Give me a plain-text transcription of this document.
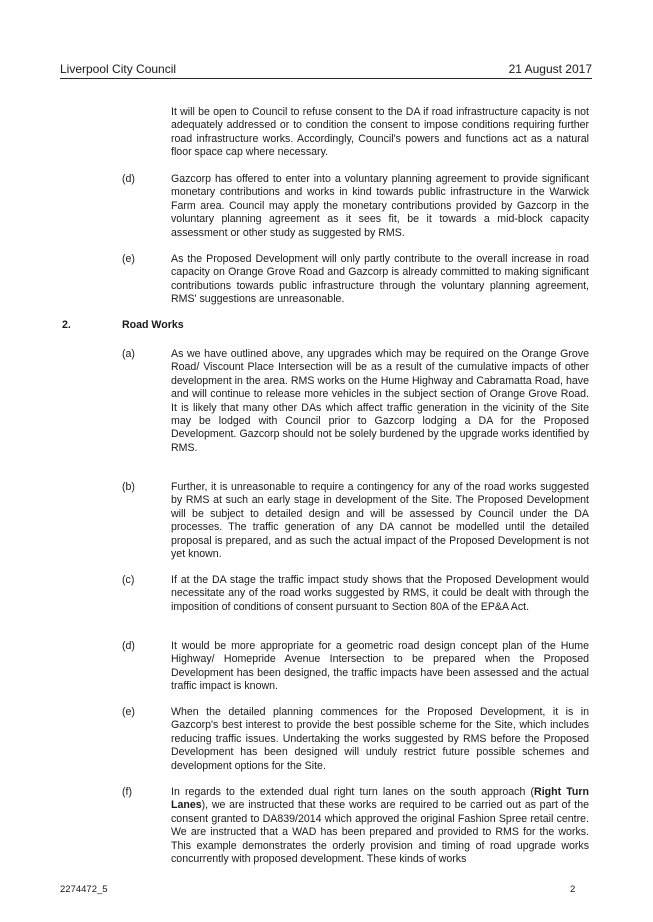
Liverpool City Council	21 August 2017
It will be open to Council to refuse consent to the DA if road infrastructure capacity is not adequately addressed or to condition the consent to impose conditions requiring further road infrastructure works. Accordingly, Council's powers and functions act as a natural floor space cap where necessary.
(d)	Gazcorp has offered to enter into a voluntary planning agreement to provide significant monetary contributions and works in kind towards public infrastructure in the Warwick Farm area. Council may apply the monetary contributions provided by Gazcorp in the voluntary planning agreement as it sees fit, be it towards a mid-block capacity assessment or other study as suggested by RMS.
(e)	As the Proposed Development will only partly contribute to the overall increase in road capacity on Orange Grove Road and Gazcorp is already committed to making significant contributions towards public infrastructure through the voluntary planning agreement, RMS' suggestions are unreasonable.
2.	Road Works
(a)	As we have outlined above, any upgrades which may be required on the Orange Grove Road/ Viscount Place Intersection will be as a result of the cumulative impacts of other development in the area. RMS works on the Hume Highway and Cabramatta Road, have and will continue to release more vehicles in the subject section of Orange Grove Road. It is likely that many other DAs which affect traffic generation in the vicinity of the Site may be lodged with Council prior to Gazcorp lodging a DA for the Proposed Development. Gazcorp should not be solely burdened by the upgrade works identified by RMS.
(b)	Further, it is unreasonable to require a contingency for any of the road works suggested by RMS at such an early stage in development of the Site. The Proposed Development will be subject to detailed design and will be assessed by Council under the DA processes. The traffic generation of any DA cannot be modelled until the detailed proposal is prepared, and as such the actual impact of the Proposed Development is not yet known.
(c)	If at the DA stage the traffic impact study shows that the Proposed Development would necessitate any of the road works suggested by RMS, it could be dealt with through the imposition of conditions of consent pursuant to Section 80A of the EP&A Act.
(d)	It would be more appropriate for a geometric road design concept plan of the Hume Highway/ Homepride Avenue Intersection to be prepared when the Proposed Development has been designed, the traffic impacts have been assessed and the actual traffic impact is known.
(e)	When the detailed planning commences for the Proposed Development, it is in Gazcorp's best interest to provide the best possible scheme for the Site, which includes reducing traffic issues. Undertaking the works suggested by RMS before the Proposed Development has been designed will unduly restrict future possible schemes and development options for the Site.
(f)	In regards to the extended dual right turn lanes on the south approach (Right Turn Lanes), we are instructed that these works are required to be carried out as part of the consent granted to DA839/2014 which approved the original Fashion Spree retail centre. We are instructed that a WAD has been prepared and provided to RMS for the works. This example demonstrates the orderly provision and timing of road upgrade works concurrently with proposed development. These kinds of works
2274472_5	2
